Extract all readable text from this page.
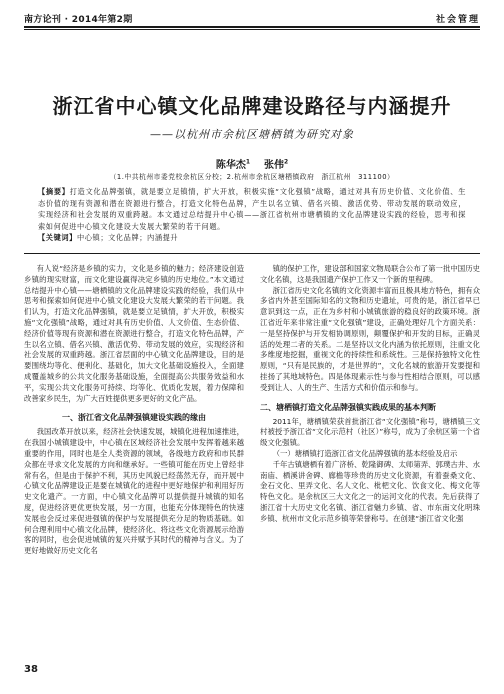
南方论刊 · 2014年第2期	社会管理
浙江省中心镇文化品牌建设路径与内涵提升
——以杭州市余杭区塘栖镇为研究对象
陈华杰$^1$ 张伟$^2$
（1.中共杭州市委党校余杭区分校；2.杭州市余杭区塘栖镇政府　浙江杭州　311100）

【摘要】打造文化品牌强镇，就是要立足镇情，扩大开放，积极实施“文化强镇”战略，通过对具有历史价值、文化价值、生态价值的现有资源和潜在资源进行整合，打造文化特色品牌，产生以名立镇、借名兴镇、激活优势、带动发展的联动效应，实现经济和社会发展的双重跨越。本文通过总结提升中心镇——浙江省杭州市塘栖镇的文化品牌建设实践的经验，思考和探索如何促进中心镇文化建设大发展大繁荣的若干问题。

【关键词】中心镇；文化品牌；内涵提升

有人说“经济是乡镇的实力，文化是乡镇的魅力；经济建设创造乡镇的现实财富，而文化建设赢得决定乡镇的历史地位。”本文通过总结提升中心镇——塘栖镇的文化品牌建设实践的经验，我们从中思考和探索如何促进中心镇文化建设大发展大繁荣的若干问题。我们认为，打造文化品牌强镇，就是要立足镇情，扩大开放，积极实施“文化强镇”战略，通过对具有历史价值、人文价值、生态价值、经济价值等现有资源和潜在资源进行整合，打造文化特色品牌，产生以名立镇、借名兴镇、激活优势、带动发展的效应，实现经济和社会发展的双重跨越。浙江省层面的中心镇文化品牌建设，目的是要围绕均等化、便利化、基础化，加大文化基础设施投入，全面建成覆盖城乡的公共文化服务基础设施，全面提高公共服务效益和水平，实现公共文化服务可持续、均等化、优质化发展，着力保障和改善家乡民生，为广大百姓提供更多更好的文化产品。

一、浙江省文化品牌强镇建设实践的缘由

我国改革开放以来，经济社会快速发展，城镇化进程加速推进，在我国小城镇建设中，中心镇在区域经济社会发展中发挥着越来越重要的作用，同时也是全人类资源的领域，各级地方政府和市民群众都在寻求文化发展的方向和继承好。一些镇可能在历史上曾经非常有名，但是由于保护不利，其历史风貌已经荡然无存，而开展中心镇文化品牌建设正是要在城镇化的进程中更好地保护和利用好历史文化遗产。一方面，中心镇文化品牌可以提供提升城镇的知名度，促进经济更优更快发展，另一方面，也能充分体现特色的快速发展也会反过来促进强镇的保护与发展提供充分足的物质基础。如何合理利用中心镇文化品牌，使经济化、将这些文化资源展示给游客的同时，也会促进城镇的复兴并赋予其时代的精神与含义。为了更好地做好历史文化名

镇的保护工作，建设部和国家文物局联合公布了第一批中国历史文化名镇，这是我国遗产保护工作又一个新的里程碑。

浙江省历史文化名镇的文化资源丰富而且极具地方特色，拥有众多省内外甚至国际知名的文物和历史遗址，可贵的是，浙江省早已意识到这一点，正在为乡村和小城镇旅游的稳良好的政策环境。浙江省近年来非常注重“文化强镇”建设，正确处理好几个方面关系：一是坚持保护与开发相协调原则，颠覆保护和开发的目标，正确灵活的处理二者的关系。二是坚持以文化内涵为依托原则，注重文化多维度地挖掘，重视文化的持续性和系统性。三是保持独特文化性原则，“只有是民族的，才是世界的”，文化名城的旅游开发要提和挂扬了其地域特色。四是体现素示性与参与性相结合原则，可以感受到让人、人的生产、生活方式和价值示和参与。

二、塘栖镇打造文化品牌强镇实践成果的基本判断

2011年，塘栖镇荣获首批浙江省“文化强镇”称号，塘栖镇三文村被授予浙江省“文化示范村（社区）”称号，成为了余杭区第一个省级文化强镇。

（一）塘栖镇打造浙江省文化品牌强镇的基本经验及启示

千年古镇塘栖有着广济桥、乾隆御碑、太师第弄、郭璞古井、水南庙、栖溪讲舍碑、廊檐等珍贵的历史文化资源，有着蚕桑文化、金石文化、里弄文化、名人文化、枇杷文化、饮食文化、梅文化等特色文化。是余杭区三大文化之一的运河文化的代表。先后获得了浙江省十大历史文化名镇、浙江省魅力乡镇、省、市东南文化明珠乡镇、杭州市文化示范乡镇等荣誉称号。在创建“浙江省文化强

38
